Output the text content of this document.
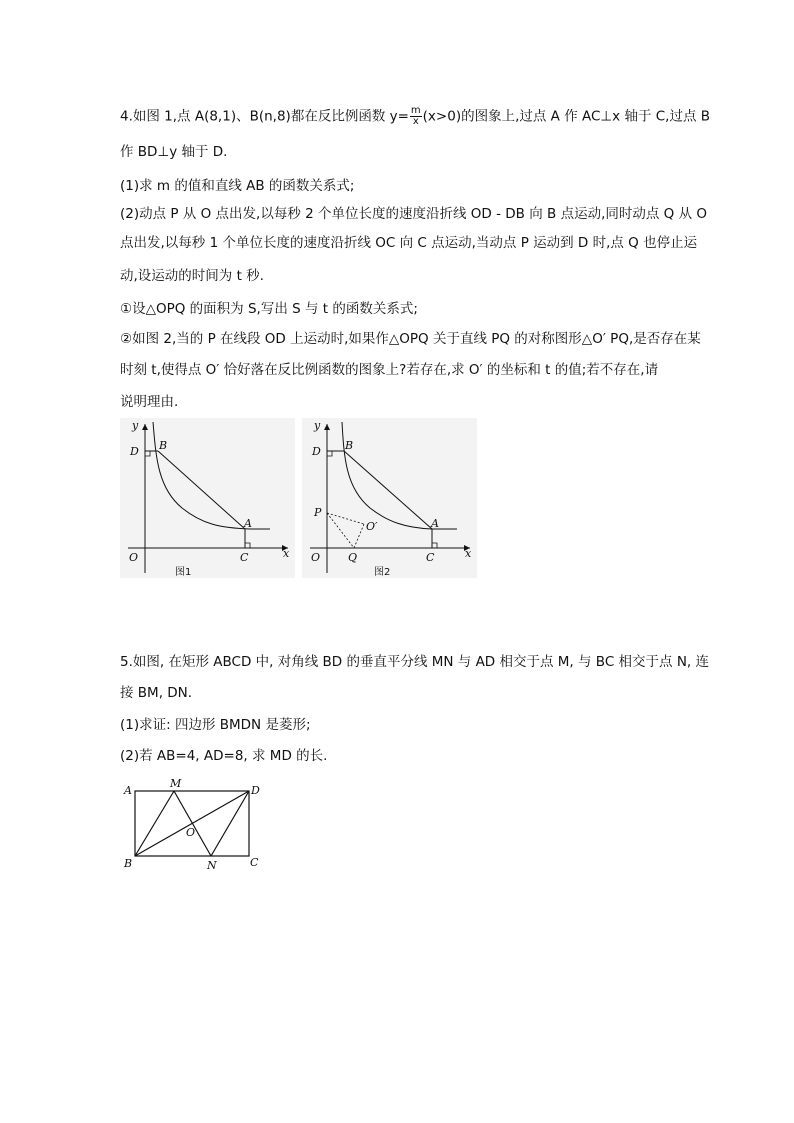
4.如图 1,点 A(8,1)、B(n,8)都在反比例函数 $y= \frac{m}{x} (x>0)$的图象上,过点 A 作 AC⊥x 轴于 C,过点 B
作 BD⊥y 轴于 D.
(1)求 m 的值和直线 AB 的函数关系式;
(2)动点 P 从 O 点出发,以每秒 2 个单位长度的速度沿折线 OD - DB 向 B 点运动,同时动点 Q 从 O
点出发,以每秒 1 个单位长度的速度沿折线 OC 向 C 点运动,当动点 P 运动到 D 时,点 Q 也停止运
动,设运动的时间为 t 秒.
①设△OPQ 的面积为 S,写出 S 与 t 的函数关系式;
②如图 2,当的 P 在线段 OD 上运动时,如果作△OPQ 关于直线 PQ 的对称图形△O′ PQ,是否存在某
时刻 t,使得点 O′ 恰好落在反比例函数的图象上?若存在,求 O′ 的坐标和 t 的值;若不存在,请
说明理由.
y
D B
A
O	C	x
图1
y
D B
A
P
O′
O	Q	C	x
图2
5.如图, 在矩形 ABCD 中, 对角线 BD 的垂直平分线 MN 与 AD 相交于点 M, 与 BC 相交于点 N, 连
接 BM, DN.
(1)求证: 四边形 BMDN 是菱形;
(2)若 AB=4, AD=8, 求 MD 的长.
A
M
D
O
B	N	C
